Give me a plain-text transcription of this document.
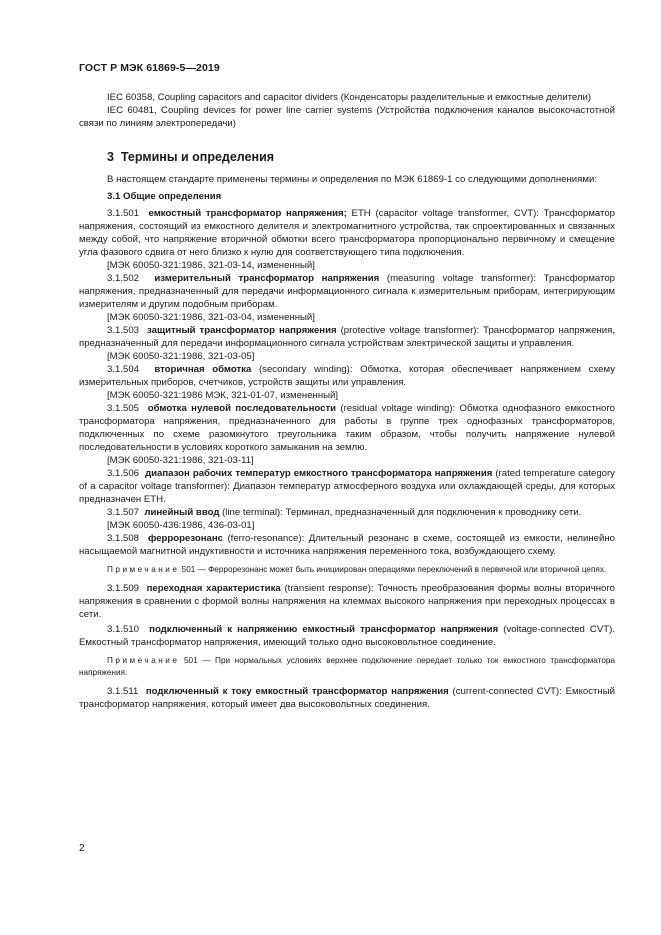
ГОСТ Р МЭК 61869-5—2019

IEC 60358, Coupling capacitors and capacitor dividers (Конденсаторы разделительные и емкостные делители)

IEC 60481, Coupling devices for power line carrier systems (Устройства подключения каналов высокочастотной связи по линиям электропередачи)

3 Термины и определения

В настоящем стандарте применены термины и определения по МЭК 61869-1 со следующими дополнениями:

3.1 Общие определения

3.1.501 емкостный трансформатор напряжения; ETH (capacitor voltage transformer, CVT): Трансформатор напряжения, состоящий из емкостного делителя и электромагнитного устройства, так спроектированных и связанных между собой, что напряжение вторичной обмотки всего трансформатора пропорционально первичному и смещение угла фазового сдвига от него близко к нулю для соответствующего типа подключения.

[МЭК 60050-321:1986, 321-03-14, измененный]

3.1.502 измерительный трансформатор напряжения (measuring voltage transformer): Трансформатор напряжения, предназначенный для передачи информационного сигнала к измерительным приборам, интегрирующим измерителям и другим подобным приборам.

[МЭК 60050-321:1986, 321-03-04, измененный]

3.1.503 защитный трансформатор напряжения (protective voltage transformer): Трансформатор напряжения, предназначенный для передачи информационного сигнала устройствам электрической защиты и управления.

[МЭК 60050-321:1986, 321-03-05]

3.1.504 вторичная обмотка (secondary winding): Обмотка, которая обеспечивает напряжением схему измерительных приборов, счетчиков, устройств защиты или управления.

[МЭК 60050-321:1986 МЭК, 321-01-07, измененный]

3.1.505 обмотка нулевой последовательности (residual voltage winding): Обмотка однофазного емкостного трансформатора напряжения, предназначенного для работы в группе трех однофазных трансформаторов, подключенных по схеме разомкнутого треугольника таким образом, чтобы получить напряжение нулевой последовательности в условиях короткого замыкания на землю.

[МЭК 60050-321:1986, 321-03-11]

3.1.506 диапазон рабочих температур емкостного трансформатора напряжения (rated temperature category of a capacitor voltage transformer): Диапазон температур атмосферного воздуха или охлаждающей среды, для которых предназначен ETH.

3.1.507 линейный ввод (line terminal): Терминал, предназначенный для подключения к проводнику сети.

[МЭК 60050-436:1986, 436-03-01]

3.1.508 феррорезонанс (ferro-resonance): Длительный резонанс в схеме, состоящей из емкости, нелинейно насыщаемой магнитной индуктивности и источника напряжения переменного тока, возбуждающего схему.

Примечание 501 — Феррорезонанс может быть инициирован операциями переключений в первичной или вторичной цепях.

3.1.509 переходная характеристика (transient response): Точность преобразования формы волны вторичного напряжения в сравнении с формой волны напряжения на клеммах высокого напряжения при переходных процессах в сети.

3.1.510 подключенный к напряжению емкостный трансформатор напряжения (voltage-connected CVT). Емкостный трансформатор напряжения, имеющий только одно высоковольтное соединение.

Примечание 501 — При нормальных условиях верхнее подключение передает только ток емкостного трансформатора напряжения.

3.1.511 подключенный к току емкостный трансформатор напряжения (current-connected CVT): Емкостный трансформатор напряжения, который имеет два высоковольтных соединения.

2
